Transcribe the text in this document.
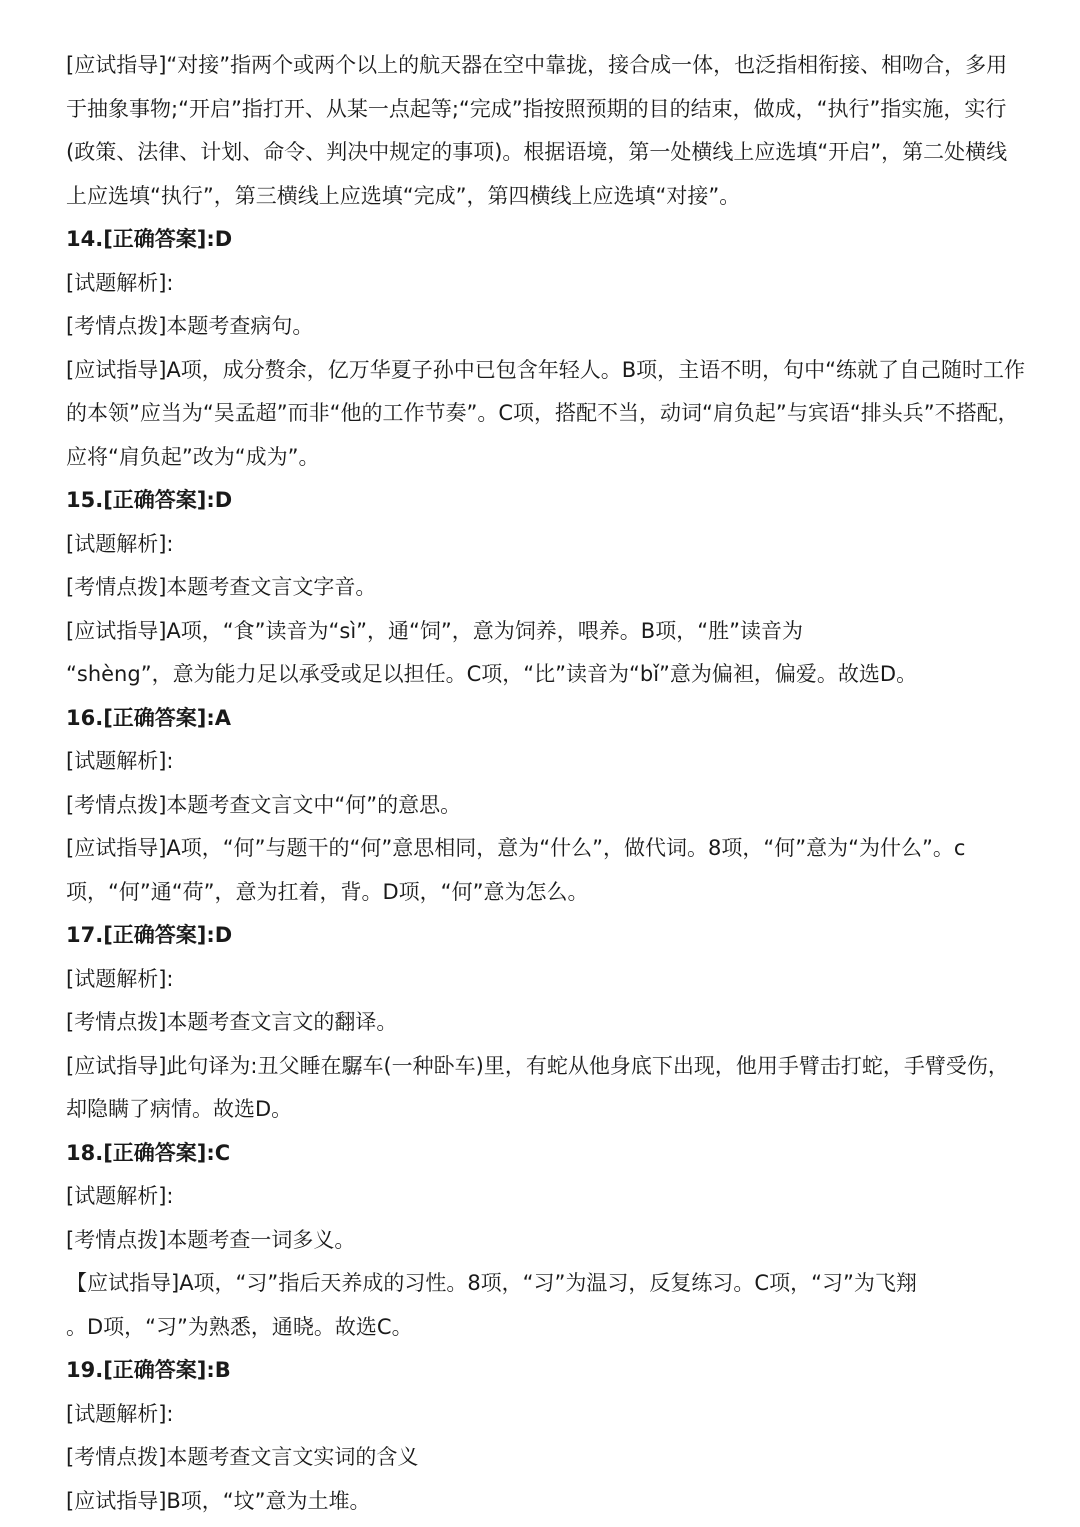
[应试指导]“对接”指两个或两个以上的航天器在空中靠拢，接合成一体，也泛指相衔接、相吻合，多用于抽象事物;“开启”指打开、从某一点起等;“完成”指按照预期的目的结束，做成，“执行”指实施，实行(政策、法律、计划、命令、判决中规定的事项)。根据语境，第一处横线上应选填“开启”，第二处横线上应选填“执行”，第三横线上应选填“完成”，第四横线上应选填“对接”。

14.[正确答案]:D

[试题解析]:

[考情点拨]本题考查病句。

[应试指导]A项，成分赘余，亿万华夏子孙中已包含年轻人。B项，主语不明，句中“练就了自己随时工作的本领”应当为“吴孟超”而非“他的工作节奏”。C项，搭配不当，动词“肩负起”与宾语“排头兵”不搭配，应将“肩负起”改为“成为”。

15.[正确答案]:D

[试题解析]:

[考情点拨]本题考查文言文字音。

[应试指导]A项，“食”读音为“sì”，通“饲”，意为饲养，喂养。B项，“胜”读音为

“shèng”，意为能力足以承受或足以担任。C项，“比”读音为“bǐ”意为偏袒，偏爱。故选D。

16.[正确答案]:A

[试题解析]:

[考情点拨]本题考查文言文中“何”的意思。

[应试指导]A项，“何”与题干的“何”意思相同，意为“什么”，做代词。8项，“何”意为“为什么”。c项，“何”通“荷”，意为扛着，背。D项，“何”意为怎么。

17.[正确答案]:D

[试题解析]:

[考情点拨]本题考查文言文的翻译。

[应试指导]此句译为:丑父睡在驏车(一种卧车)里，有蛇从他身底下出现，他用手臂击打蛇，手臂受伤，却隐瞒了病情。故选D。

18.[正确答案]:C

[试题解析]:

[考情点拨]本题考查一词多义。

【应试指导]A项，“习”指后天养成的习性。8项，“习”为温习，反复练习。C项，“习”为飞翔

。D项，“习”为熟悉，通晓。故选C。

19.[正确答案]:B

[试题解析]:

[考情点拨]本题考查文言文实词的含义

[应试指导]B项，“坟”意为土堆。
